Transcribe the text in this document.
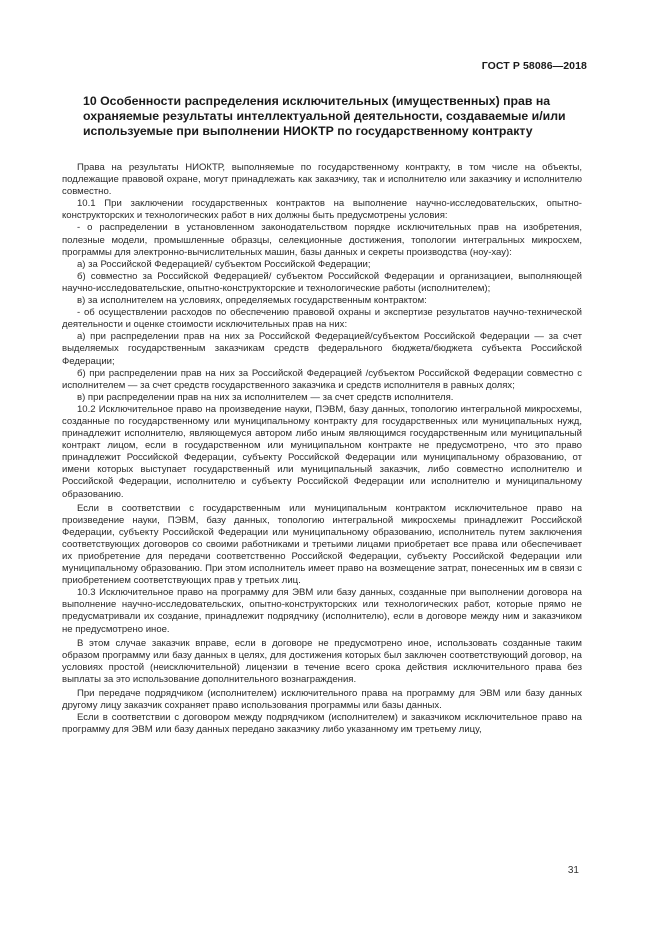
ГОСТ Р 58086—2018
10 Особенности распределения исключительных (имущественных) прав на охраняемые результаты интеллектуальной деятельности, создаваемые и/или используемые при выполнении НИОКТР по государственному контракту

Права на результаты НИОКТР, выполняемые по государственному контракту, в том числе на объекты, подлежащие правовой охране, могут принадлежать как заказчику, так и исполнителю или заказчику и исполнителю совместно.

10.1 При заключении государственных контрактов на выполнение научно-исследовательских, опытно-конструкторских и технологических работ в них должны быть предусмотрены условия:

- о распределении в установленном законодательством порядке исключительных прав на изобретения, полезные модели, промышленные образцы, селекционные достижения, топологии интегральных микросхем, программы для электронно-вычислительных машин, базы данных и секреты производства (ноу-хау):

а) за Российской Федерацией/ субъектом Российской Федерации;

б) совместно за Российской Федерацией/ субъектом Российской Федерации и организациеи, выполняющей научно-исследовательские, опытно-конструкторские и технологические работы (исполнителем);

в) за исполнителем на условиях, определяемых государственным контрактом:

- об осуществлении расходов по обеспечению правовой охраны и экспертизе результатов научно-технической деятельности и оценке стоимости исключительных прав на них:

а) при распределении прав на них за Российской Федерацией/субъектом Российской Федерации — за счет выделяемых государственным заказчикам средств федерального бюджета/бюджета субъекта Российской Федерации;

б) при распределении прав на них за Российской Федерацией /субъектом Российской Федерации совместно с исполнителем — за счет средств государственного заказчика и средств исполнителя в равных долях;

в) при распределении прав на них за исполнителем — за счет средств исполнителя.

10.2 Исключительное право на произведение науки, ПЭВМ, базу данных, топологию интегральной микросхемы, созданные по государственному или муниципальному контракту для государственных или муниципальных нужд, принадлежит исполнителю, являющемуся автором либо иным являющимся государственным или муниципальный контракт лицом, если в государственном или муниципальном контракте не предусмотрено, что это право принадлежит Российской Федерации, субъекту Российской Федерации или муниципальному образованию, от имени которых выступает государственный или муниципальный заказчик, либо совместно исполнителю и Российской Федерации, исполнителю и субъекту Российской Федерации или исполнителю и муниципальному образованию.

Если в соответствии с государственным или муниципальным контрактом исключительное право на произведение науки, ПЭВМ, базу данных, топологию интегральной микросхемы принадлежит Российской Федерации, субъекту Российской Федерации или муниципальному образованию, исполнитель путем заключения соответствующих договоров со своими работниками и третьими лицами приобретает все права или обеспечивает их приобретение для передачи соответственно Российской Федерации, субъекту Российской Федерации или муниципальному образованию. При этом исполнитель имеет право на возмещение затрат, понесенных им в связи с приобретением соответствующих прав у третьих лиц.

10.3 Исключительное право на программу для ЭВМ или базу данных, созданные при выполнении договора на выполнение научно-исследовательских, опытно-конструкторских или технологических работ, которые прямо не предусматривали их создание, принадлежит подрядчику (исполнителю), если в договоре между ним и заказчиком не предусмотрено иное.

В этом случае заказчик вправе, если в договоре не предусмотрено иное, использовать созданные таким образом программу или базу данных в целях, для достижения которых был заключен соответствующий договор, на условиях простой (неисключительной) лицензии в течение всего срока действия исключительного права без выплаты за это использование дополнительного вознаграждения.

При передаче подрядчиком (исполнителем) исключительного права на программу для ЭВМ или базу данных другому лицу заказчик сохраняет право использования программы или базы данных.

Если в соответствии с договором между подрядчиком (исполнителем) и заказчиком исключительное право на программу для ЭВМ или базу данных передано заказчику либо указанному им третьему лицу,

31
